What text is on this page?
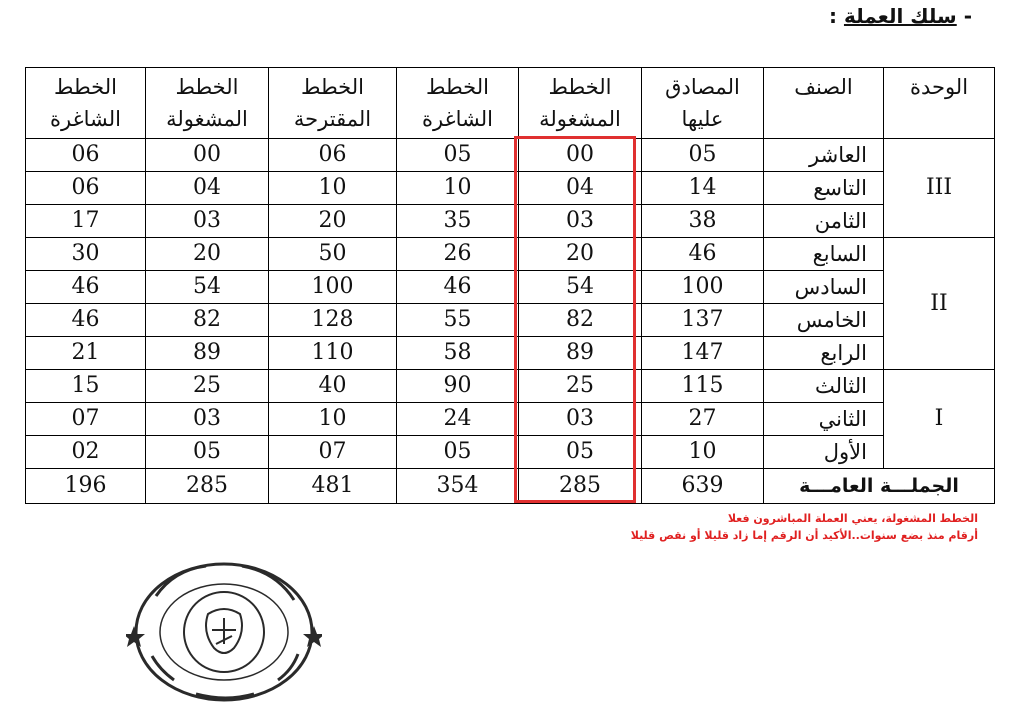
- سلك العملة :
الوحدة	الصنف	المصادق عليها	الخطط المشغولة	الخطط الشاغرة	الخطط المقترحة	الخطط المشغولة	الخطط الشاغرة
III	العاشر	05	00	05	06	00	06
	التاسع	14	04	10	10	04	06
	الثامن	38	03	35	20	03	17
II	السابع	46	20	26	50	20	30
	السادس	100	54	46	100	54	46
	الخامس	137	82	55	128	82	46
	الرابع	147	89	58	110	89	21
I	الثالث	115	25	90	40	25	15
	الثاني	27	03	24	10	03	07
	الأول	10	05	05	07	05	02
الجملـــة العامـــة		639	285	354	481	285	196
الخطط المشغولة، يعني العملة المباشرون فعلا
أرقام منذ بضع سنوات..الأكيد أن الرقم إما زاد قليلا أو نقص قليلا
